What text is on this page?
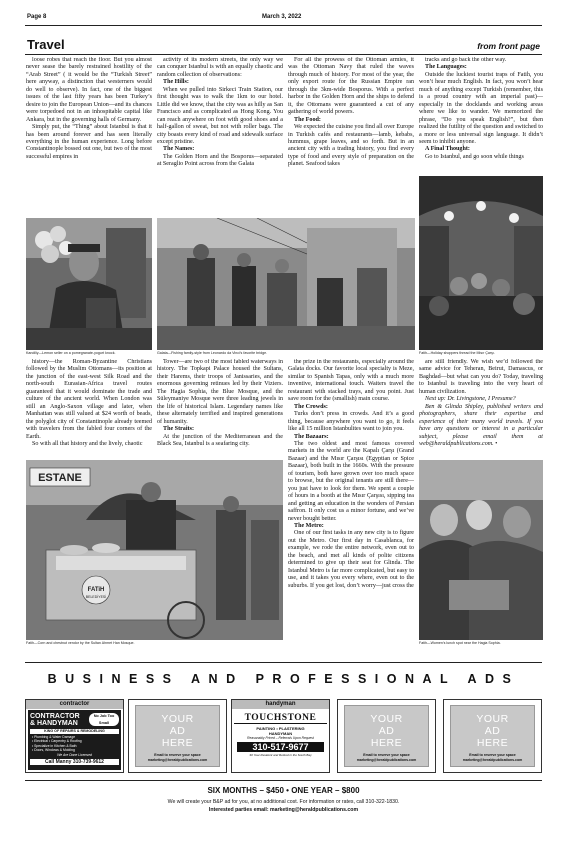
Page 8	March 3, 2022
Travel	from front page

loose robes that reach the floor. But you almost never sease the barely restrained hostility of the “Arab Street” ( it would be the “Turkish Street” here anyway, a distinction that westerners would do well to observe). In fact, one of the biggest issues of the last fifty years has been Turkey’s desire to join the European Union—and its chances were torpedoed not in an inhospitable capital like Ankara, but in the governing halls of Germany.

Simply put, the “Thing” about Istanbul is that it has been around forever and has seen literally everything in the human experience. Long before Constantinople bossed out one, but two of the most successful empires in

activity of its modern streets, the only way we can conquer Istanbul is with an equally chaotic and random collection of observations:

The Hills:

When we pulled into Sirkeci Train Station, our first thought was to walk the 1km to our hotel. Little did we know, that the city was as hilly as San Francisco and as complicated as Hong Kong. You can reach anywhere on foot with good shoes and a half-gallon of sweat, but not with roller bags. The city boasts every kind of road and sidewalk surface except pristine.

The Names:

The Golden Horn and the Bosporus—separated at Seraglio Point across from the Galata

For all the prowess of the Ottoman armies, it was the Ottoman Navy that ruled the waves through much of history. For most of the year, the only export route for the Russian Empire ran through the 3km-wide Bosporus. With a perfect harbor in the Golden Horn and the ships to defend it, the Ottomans were guaranteed a cut of any gathering of world powers.

The Food:

We expected the cuisine you find all over Europe in Turkish cafés and restaurants—lamb, kebabs, hummus, grape leaves, and so forth. But in an ancient city with a trading history, you find every type of food and every style of preparation on the planet. Seafood takes

tracks and go back the other way.

The Languages:

Outside the luckiest tourist traps of Fatih, you won’t hear much English. In fact, you won’t hear much of anything except Turkish (remember, this is a proud country with an imperial past)—especially in the docklands and working areas where we like to wander. We memorized the phrase, “Do you speak English?”, but then realized the futility of the question and switched to a more or less universal sign language. It didn’t seem to inhibit anyone.

A Final Thought:

Go to Istanbul, and go soon while things

Kandiliy—Lemon seller on a pomegranate-yogurt knock.	Galata—Fishing family-style from Leonardo da Vinci’s favorite bridge.	Fatih—Holiday shoppers thread the Misır Çarşı.

history—the Roman-Byzantine Christians followed by the Muslim Ottomans—its position at the junction of the east-west Silk Road and the north-south Eurasian-Africa travel routes guaranteed that it would dominate the trade and culture of the ancient world. When London was still an Anglo-Saxon village and later, when Manhattan was still valued at $24 worth of beads, the polyglot city of Constantinople already teemed with travelers from the fabled four corners of the Earth.

So with all that history and the lively, chaotic

Tower—are two of the most fabled waterways in history. The Topkapi Palace housed the Sultans, their Harems, their troops of Janissaries, and the enormous governing retinues led by their Viziers. The Hagia Sophia, the Blue Mosque, and the Süleymaniye Mosque were three leading jewels in the life of historical Islam. Legendary names like these alternately terrified and inspired generations of humanity.

The Straits:

At the junction of the Mediterranean and the Black Sea, Istanbul is a seafaring city.

the prize in the restaurants, especially around the Galata docks. Our favorite local specialty is Meze, similar to Spanish Tapas, only with a much more inventive, international touch. Waiters travel the restaurant with stacked trays, and you point. Just save room for the (smallish) main course.

The Crowds:

Turks don’t press in crowds. And it’s a good thing, because anywhere you want to go, it feels like all 15 million Istanbulites want to join you.

The Bazaars:

The two oldest and most famous covered markets in the world are the Kapalı Çarşı (Grand Bazaar) and the Mısır Çarşısı (Egyptian or Spice Bazaar), both built in the 1660s. With the pressure of tourism, both have grown over too much space to browse, but the original tenants are still there—you just have to look for them. We spent a couple of hours in a booth at the Mısır Çarşısı, sipping tea and getting an education in the wonders of Persian saffron. It only cost us a minor fortune, and we’ve never bought better.

The Metro:

One of our first tasks in any new city is to figure out the Metro. Our first day in Casablanca, for example, we rode the entire network, even out to the beach, and met all kinds of polite citizens determined to give up their seat for Glinda. The Istanbul Metro is far more complicated, but easy to use, and it takes you every where, even out to the suburbs. If you get lost, don’t worry—just cross the

are still friendly. We wish we’d followed the same advice for Teheran, Beirut, Damascus, or Baghdad—but what can you do? Today, traveling to Istanbul is traveling into the very heart of human civilization.

Next up: Dr. Livingstone, I Presume?

Ben & Glinda Shipley, published writers and photographers, share their expertise and experience of their many world travels. If you have any questions or interest in a particular subject, please email them at web@heraldpublications.com. •

ESTANE
FATiH
BELEDİYESİ
Fatih—Corn and chestnut vendor by the Sultan Ahmet Han Mosque.	Fatih—Women’s lunch spot near the Hagia Sophia.
BUSINESS AND PROFESSIONAL ADS
contractor
CONTRACTOR
& HANDYMAN
No Job Too Small
KING OF REPAIRS & REMODELING
• Plumbing & Water Damage
• Electrical • Carpentry & Roofing
• Specialize in Kitchen & Bath
• Doors, Windows & Molding
We Are Done Licensed
Call Manny 310-739-9612
YOUR
AD
HERE
Email to reserve your space
marketing@heraldpublications.com
handyman
TOUCHSTONE
PAINTING • PLASTERING
HANDYMAN
Reasonably Priced – Referrals Upon Request
310-517-9677
30 Year Resident and Retired in the South Bay
YOUR
AD
HERE
Email to reserve your space
marketing@heraldpublications.com
YOUR
AD
HERE
Email to reserve your space
marketing@heraldpublications.com
SIX MONTHS – $450 • ONE YEAR – $800
We will create your B&P ad for you, at no additional cost. For information or rates, call 310-322-1830.
Interested parties email: marketing@heraldpublications.com
